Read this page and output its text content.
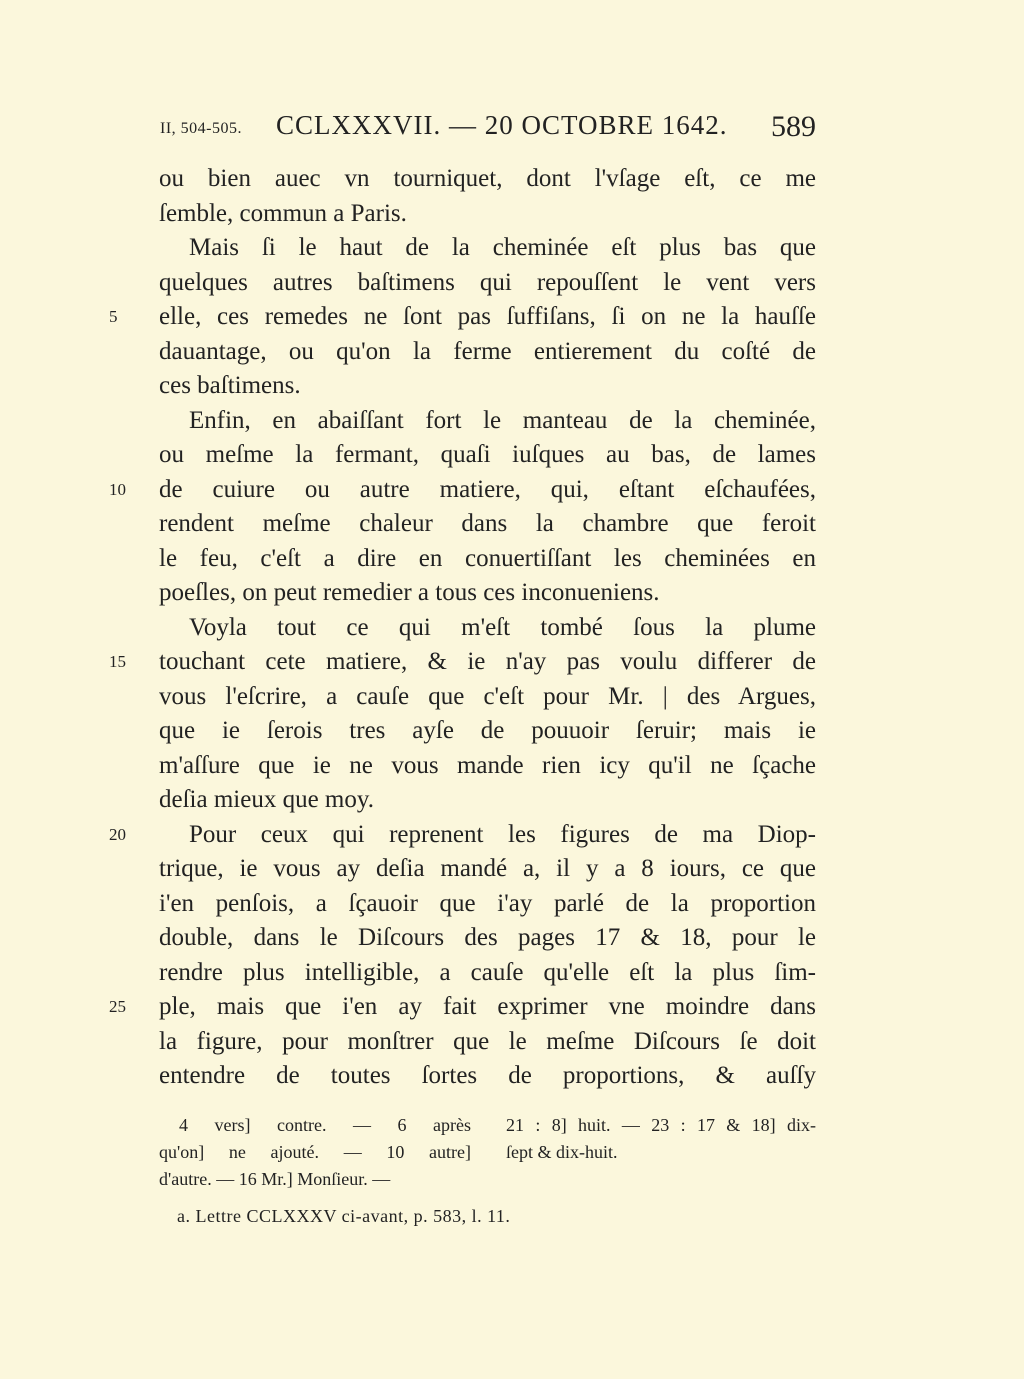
II, 504-505. CCLXXXVII. — 20 OCTOBRE 1642. 589
ou bien auec vn tourniquet, dont l'vſage eſt, ce me
ſemble, commun a Paris.
Mais ſi le haut de la cheminée eſt plus bas que
quelques autres baſtimens qui repouſſent le vent vers
5	elle, ces remedes ne ſont pas ſuffiſans, ſi on ne la hauſſe
dauantage, ou qu'on la ferme entierement du coſté de
ces baſtimens.
Enfin, en abaiſſant fort le manteau de la cheminée,
ou meſme la fermant, quaſi iuſques au bas, de lames
10	de cuiure ou autre matiere, qui, eſtant eſchaufées,
rendent meſme chaleur dans la chambre que feroit
le feu, c'eſt a dire en conuertiſſant les cheminées en
poeſles, on peut remedier a tous ces inconueniens.
Voyla tout ce qui m'eſt tombé ſous la plume
15	touchant cete matiere, & ie n'ay pas voulu differer de
vous l'eſcrire, a cauſe que c'eſt pour Mr. | des Argues,
que ie ſerois tres ayſe de pouuoir ſeruir; mais ie
m'aſſure que ie ne vous mande rien icy qu'il ne ſçache
deſia mieux que moy.
20	Pour ceux qui reprenent les figures de ma Diop-
trique, ie vous ay deſia mandé a, il y a 8 iours, ce que
i'en penſois, a ſçauoir que i'ay parlé de la proportion
double, dans le Diſcours des pages 17 & 18, pour le
rendre plus intelligible, a cauſe qu'elle eſt la plus ſim-
25	ple, mais que i'en ay fait exprimer vne moindre dans
la figure, pour monſtrer que le meſme Diſcours ſe doit
entendre de toutes ſortes de proportions, & auſſy
4 vers] contre. — 6 après
qu'on] ne ajouté. — 10 autre]
d'autre. — 16 Mr.] Monſieur. —
21 : 8] huit. — 23 : 17 & 18] dix-
ſept & dix-huit.
a. Lettre CCLXXXV ci-avant, p. 583, l. 11.
